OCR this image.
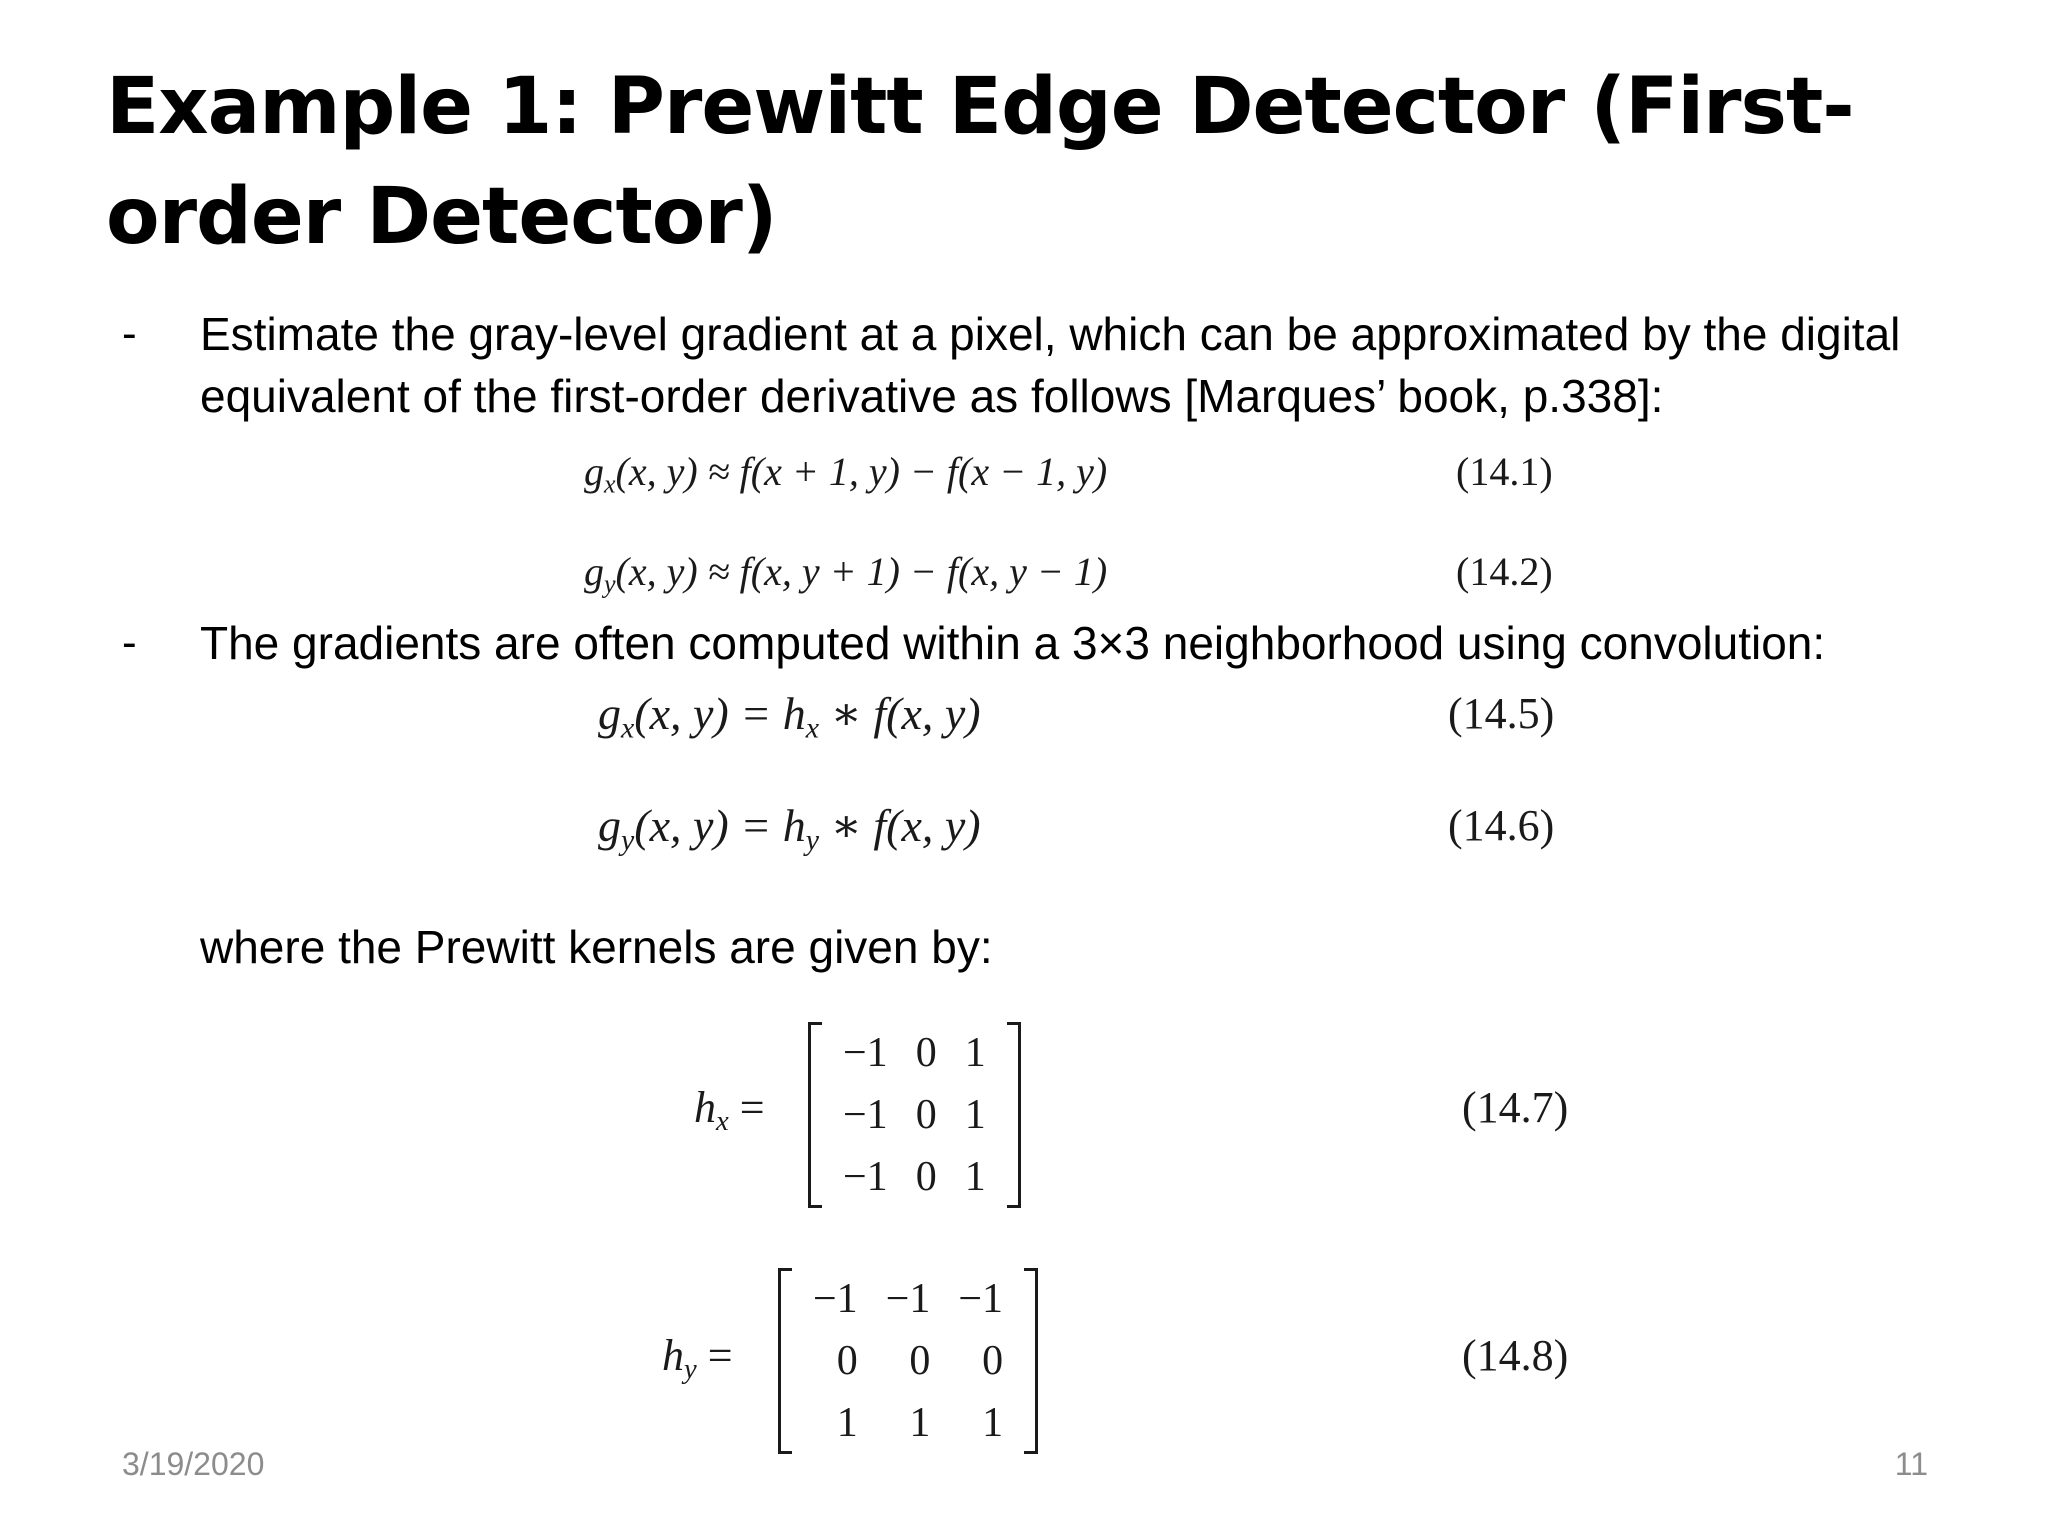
Example 1: Prewitt Edge Detector (First-order Detector)
- Estimate the gray-level gradient at a pixel, which can be approximated by the digital equivalent of the first-order derivative as follows [Marques’ book, p.338]:
$g_x(x$, y) ≈ f(x + 1, y) − f(x − 1, y)	(14.1)
$g_y(x$, y) ≈ f(x, y + 1) − f(x, y − 1)	(14.2)
- The gradients are often computed within a 3×3 neighborhood using convolution:
$g_x(x$, $y) = h_x$ ∗ f(x, y)	(14.5)
$g_y(x$, $y) = h_y$ ∗ f(x, y)	(14.6)
where the Prewitt kernels are given by:
$h_x$ =
−1	0	1
−1	0	1
−1	0	1
(14.7)
$h_y$ =
−1	−1	−1
0	0	0
1	1	1
(14.8)
3/19/2020	11
